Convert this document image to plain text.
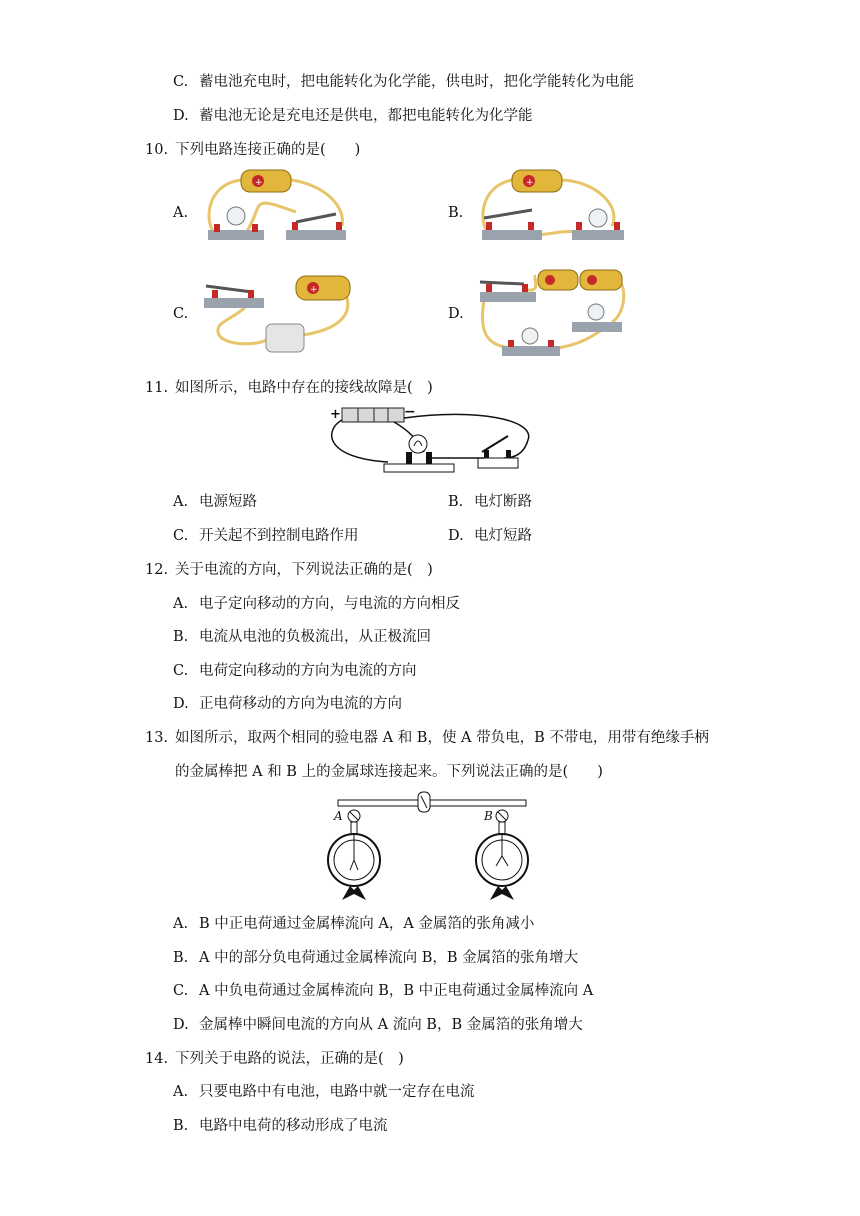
C. 蓄电池充电时，把电能转化为化学能，供电时，把化学能转化为电能
D. 蓄电池无论是充电还是供电，都把电能转化为化学能
10. 下列电路连接正确的是(　　)
A.	B.
C.	D.
+	+
+
11. 如图所示，电路中存在的接线故障是(　)
+	−
A. 电源短路	B. 电灯断路
C. 开关起不到控制电路作用	D. 电灯短路
12. 关于电流的方向，下列说法正确的是(　)
A. 电子定向移动的方向，与电流的方向相反
B. 电流从电池的负极流出，从正极流回
C. 电荷定向移动的方向为电流的方向
D. 正电荷移动的方向为电流的方向
13. 如图所示，取两个相同的验电器 A 和 B，使 A 带负电，B 不带电，用带有绝缘手柄
的金属棒把 A 和 B 上的金属球连接起来。下列说法正确的是(　　)
A	B
A. B 中正电荷通过金属棒流向 A，A 金属箔的张角减小
B. A 中的部分负电荷通过金属棒流向 B，B 金属箔的张角增大
C. A 中负电荷通过金属棒流向 B，B 中正电荷通过金属棒流向 A
D. 金属棒中瞬间电流的方向从 A 流向 B，B 金属箔的张角增大
14. 下列关于电路的说法，正确的是(　)
A. 只要电路中有电池，电路中就一定存在电流
B. 电路中电荷的移动形成了电流
